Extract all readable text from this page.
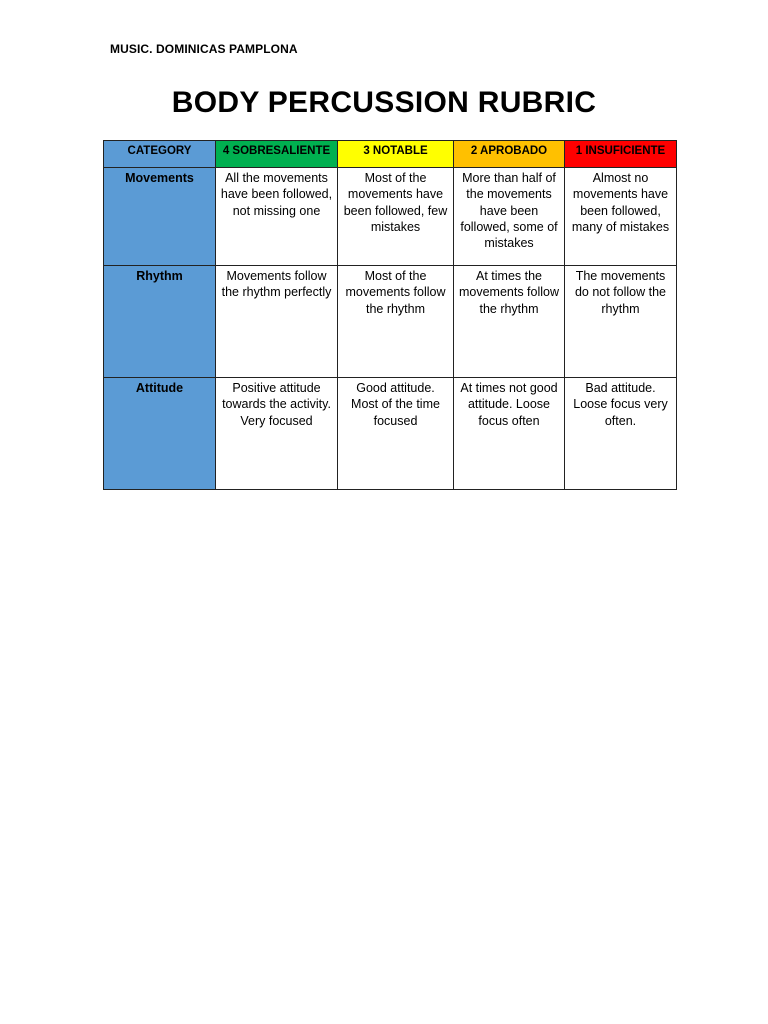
MUSIC. DOMINICAS PAMPLONA
BODY PERCUSSION RUBRIC
CATEGORY	4 SOBRESALIENTE	3 NOTABLE	2 APROBADO	1 INSUFICIENTE
Movements	All the movements have been followed, not missing one	Most of the movements have been followed, few mistakes	More than half of the movements have been followed, some of mistakes	Almost no movements have been followed, many of mistakes
Rhythm	Movements follow the rhythm perfectly	Most of the movements follow the rhythm	At times the movements follow the rhythm	The movements do not follow the rhythm
Attitude	Positive attitude towards the activity. Very focused	Good attitude. Most of the time focused	At times not good attitude. Loose focus often	Bad attitude. Loose focus very often.
